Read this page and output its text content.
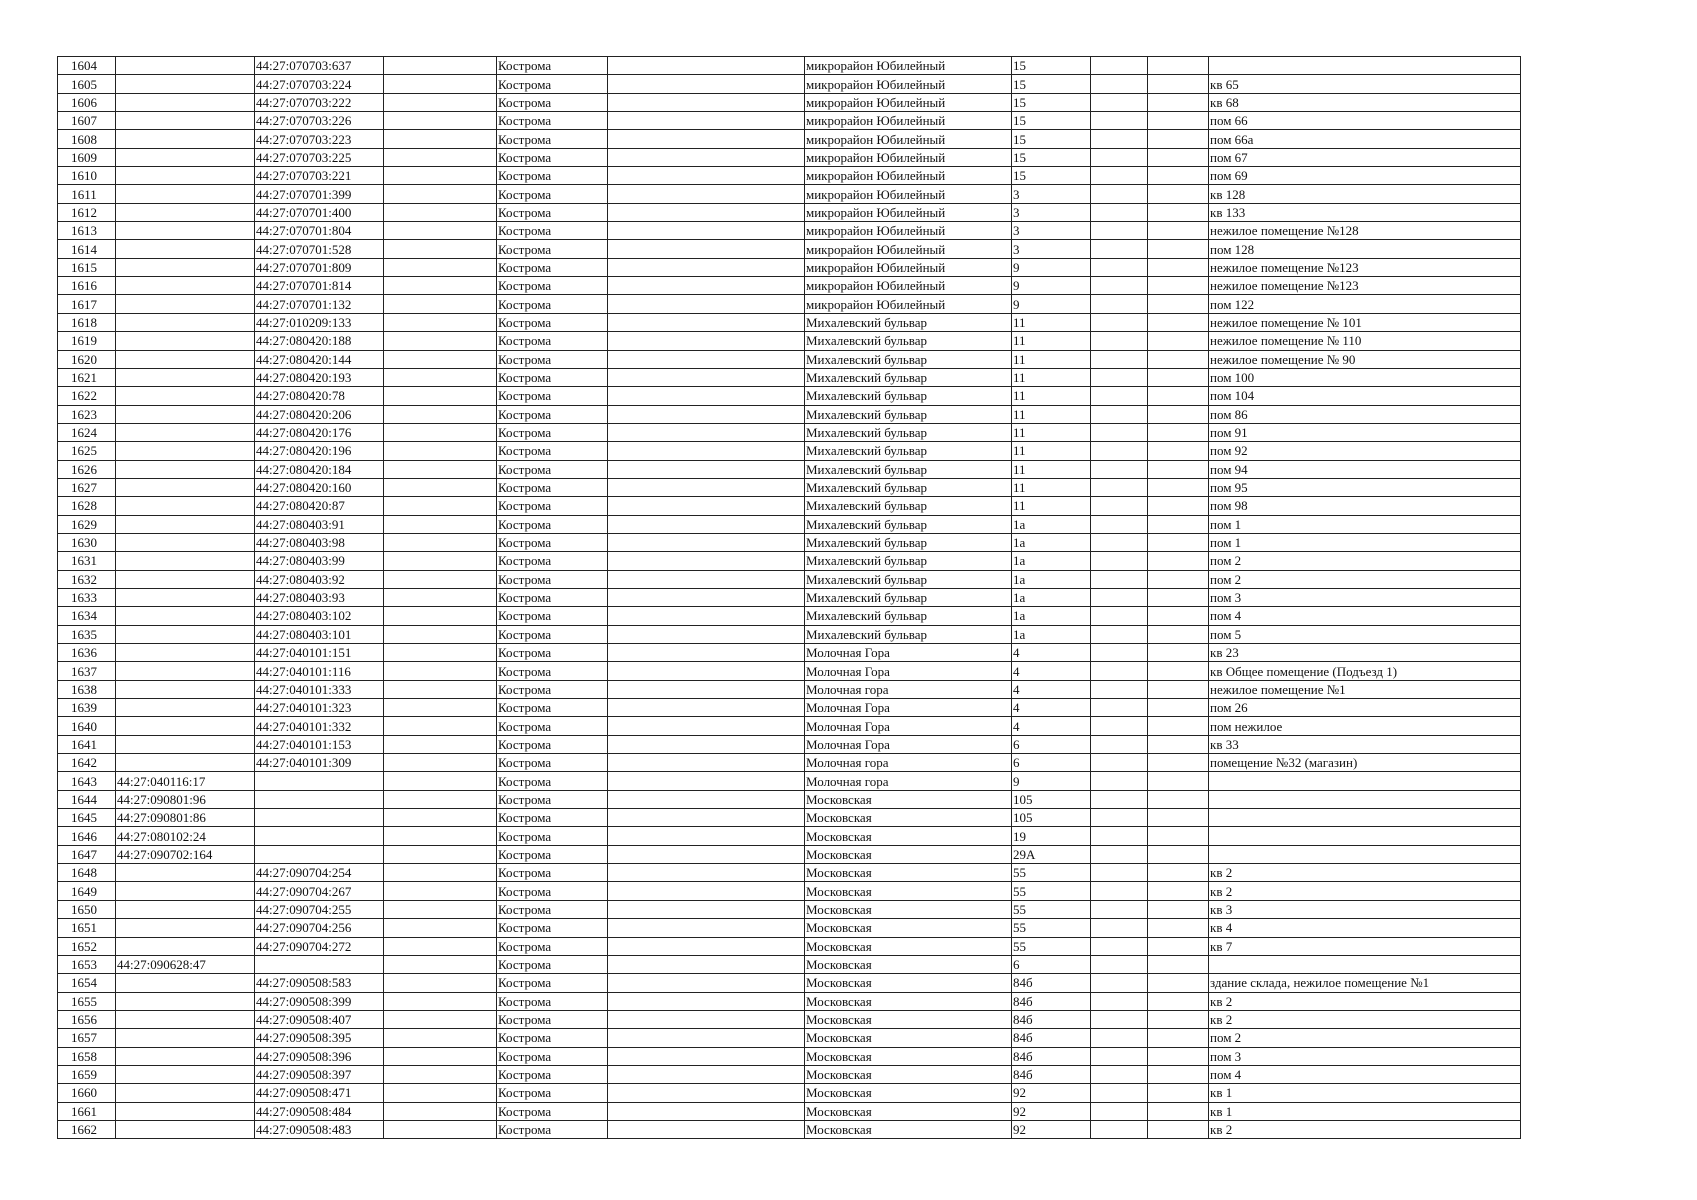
1604		44:27:070703:637		Кострома		микрорайон Юбилейный	15			
1605		44:27:070703:224		Кострома		микрорайон Юбилейный	15			кв 65
1606		44:27:070703:222		Кострома		микрорайон Юбилейный	15			кв 68
1607		44:27:070703:226		Кострома		микрорайон Юбилейный	15			пом 66
1608		44:27:070703:223		Кострома		микрорайон Юбилейный	15			пом 66а
1609		44:27:070703:225		Кострома		микрорайон Юбилейный	15			пом 67
1610		44:27:070703:221		Кострома		микрорайон Юбилейный	15			пом 69
1611		44:27:070701:399		Кострома		микрорайон Юбилейный	3			кв 128
1612		44:27:070701:400		Кострома		микрорайон Юбилейный	3			кв 133
1613		44:27:070701:804		Кострома		микрорайон Юбилейный	3			нежилое помещение №128
1614		44:27:070701:528		Кострома		микрорайон Юбилейный	3			пом 128
1615		44:27:070701:809		Кострома		микрорайон Юбилейный	9			нежилое помещение №123
1616		44:27:070701:814		Кострома		микрорайон Юбилейный	9			нежилое помещение №123
1617		44:27:070701:132		Кострома		микрорайон Юбилейный	9			пом 122
1618		44:27:010209:133		Кострома		Михалевский бульвар	11			нежилое помещение № 101
1619		44:27:080420:188		Кострома		Михалевский бульвар	11			нежилое помещение № 110
1620		44:27:080420:144		Кострома		Михалевский бульвар	11			нежилое помещение № 90
1621		44:27:080420:193		Кострома		Михалевский бульвар	11			пом 100
1622		44:27:080420:78		Кострома		Михалевский бульвар	11			пом 104
1623		44:27:080420:206		Кострома		Михалевский бульвар	11			пом 86
1624		44:27:080420:176		Кострома		Михалевский бульвар	11			пом 91
1625		44:27:080420:196		Кострома		Михалевский бульвар	11			пом 92
1626		44:27:080420:184		Кострома		Михалевский бульвар	11			пом 94
1627		44:27:080420:160		Кострома		Михалевский бульвар	11			пом 95
1628		44:27:080420:87		Кострома		Михалевский бульвар	11			пом 98
1629		44:27:080403:91		Кострома		Михалевский бульвар	1а			пом 1
1630		44:27:080403:98		Кострома		Михалевский бульвар	1а			пом 1
1631		44:27:080403:99		Кострома		Михалевский бульвар	1а			пом 2
1632		44:27:080403:92		Кострома		Михалевский бульвар	1а			пом 2
1633		44:27:080403:93		Кострома		Михалевский бульвар	1а			пом 3
1634		44:27:080403:102		Кострома		Михалевский бульвар	1а			пом 4
1635		44:27:080403:101		Кострома		Михалевский бульвар	1а			пом 5
1636		44:27:040101:151		Кострома		Молочная Гора	4			кв 23
1637		44:27:040101:116		Кострома		Молочная Гора	4			кв Общее помещение (Подъезд 1)
1638		44:27:040101:333		Кострома		Молочная гора	4			нежилое помещение №1
1639		44:27:040101:323		Кострома		Молочная Гора	4			пом 26
1640		44:27:040101:332		Кострома		Молочная Гора	4			пом нежилое
1641		44:27:040101:153		Кострома		Молочная Гора	6			кв 33
1642		44:27:040101:309		Кострома		Молочная гора	6			помещение №32 (магазин)
1643	44:27:040116:17			Кострома		Молочная гора	9			
1644	44:27:090801:96			Кострома		Московская	105			
1645	44:27:090801:86			Кострома		Московская	105			
1646	44:27:080102:24			Кострома		Московская	19			
1647	44:27:090702:164			Кострома		Московская	29А			
1648		44:27:090704:254		Кострома		Московская	55			кв 2
1649		44:27:090704:267		Кострома		Московская	55			кв 2
1650		44:27:090704:255		Кострома		Московская	55			кв 3
1651		44:27:090704:256		Кострома		Московская	55			кв 4
1652		44:27:090704:272		Кострома		Московская	55			кв 7
1653	44:27:090628:47			Кострома		Московская	6			
1654		44:27:090508:583		Кострома		Московская	84б			здание склада, нежилое помещение №1
1655		44:27:090508:399		Кострома		Московская	84б			кв 2
1656		44:27:090508:407		Кострома		Московская	84б			кв 2
1657		44:27:090508:395		Кострома		Московская	84б			пом 2
1658		44:27:090508:396		Кострома		Московская	84б			пом 3
1659		44:27:090508:397		Кострома		Московская	84б			пом 4
1660		44:27:090508:471		Кострома		Московская	92			кв 1
1661		44:27:090508:484		Кострома		Московская	92			кв 1
1662		44:27:090508:483		Кострома		Московская	92			кв 2
